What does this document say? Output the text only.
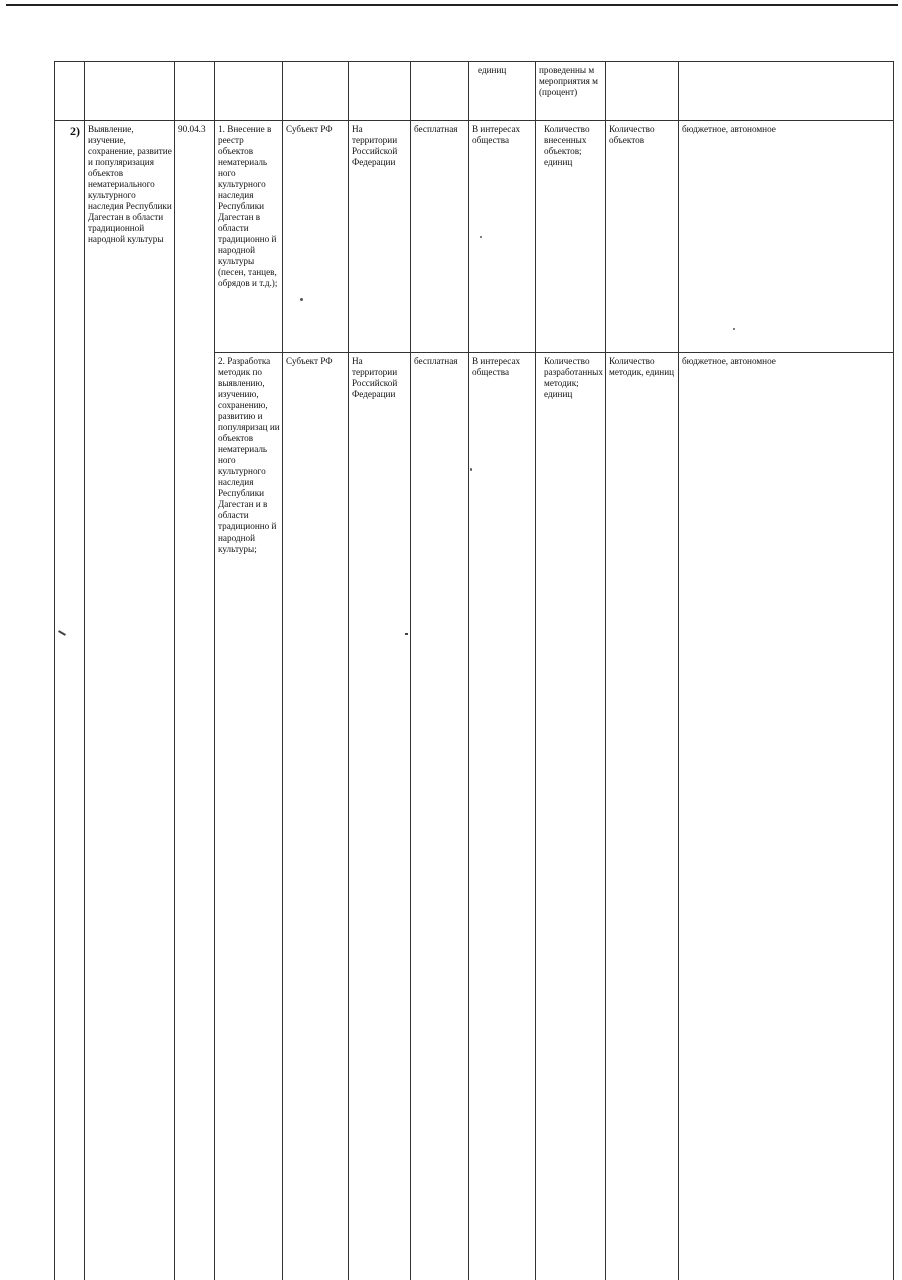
							единиц	проведенны м мероприятия м (процент)			
2)	Выявление, изучение, сохранение, развитие и популяризация объектов нематериального культурного наследия Республики Дагестан в области традиционной народной культуры	90.04.3	1. Внесение в реестр объектов нематериаль ного культурного наследия Республики Дагестан в области традиционно й народной культуры (песен, танцев, обрядов и т.д.);	Субъект РФ	На территории Российской Федерации	бесплатная	В интересах общества	Количество внесенных объектов; единиц	Количество объектов	бюджетное, автономное	

			2. Разработка методик по выявлению, изучению, сохранению, развитию и популяризац ии объектов нематериаль ного культурного наследия Республики Дагестан и в области традиционно й народной культуры;	Субъект РФ	На территории Российской Федерации	бесплатная	В интересах общества	Количество разработанных методик; единиц	Количество методик, единиц	бюджетное, автономное	
